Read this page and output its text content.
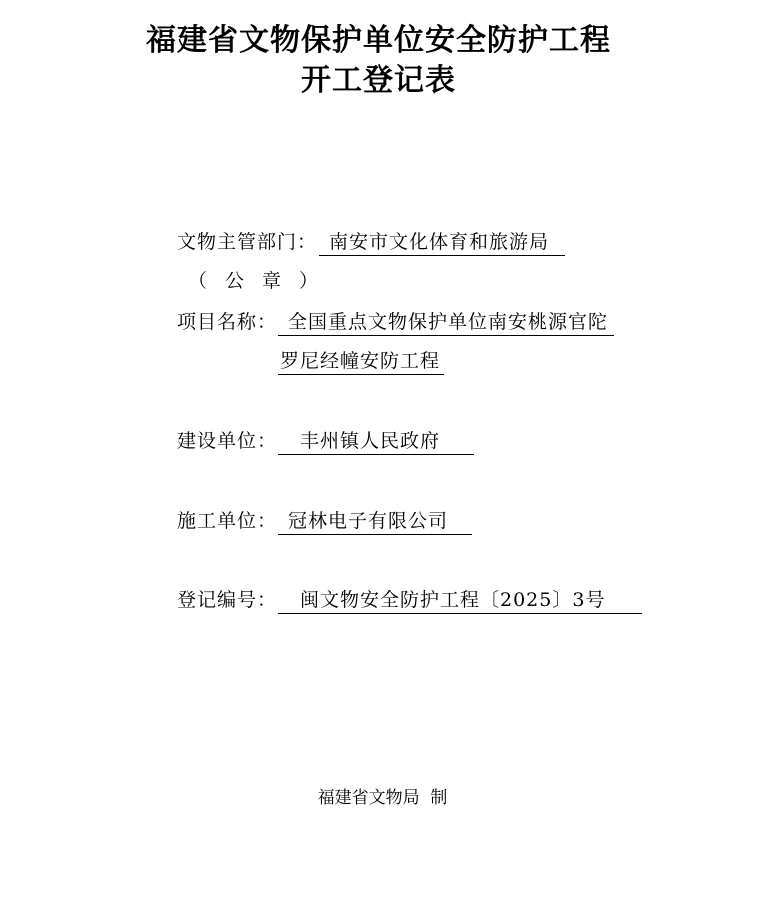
福建省文物保护单位安全防护工程
开工登记表
文物主管部门： 南安市文化体育和旅游局
（公章）
项目名称： 全国重点文物保护单位南安桃源官陀
罗尼经幢安防工程
建设单位：	丰州镇人民政府
施工单位： 冠林电子有限公司
登记编号：	闽文物安全防护工程〔2025〕3号
福建省文物局  制
